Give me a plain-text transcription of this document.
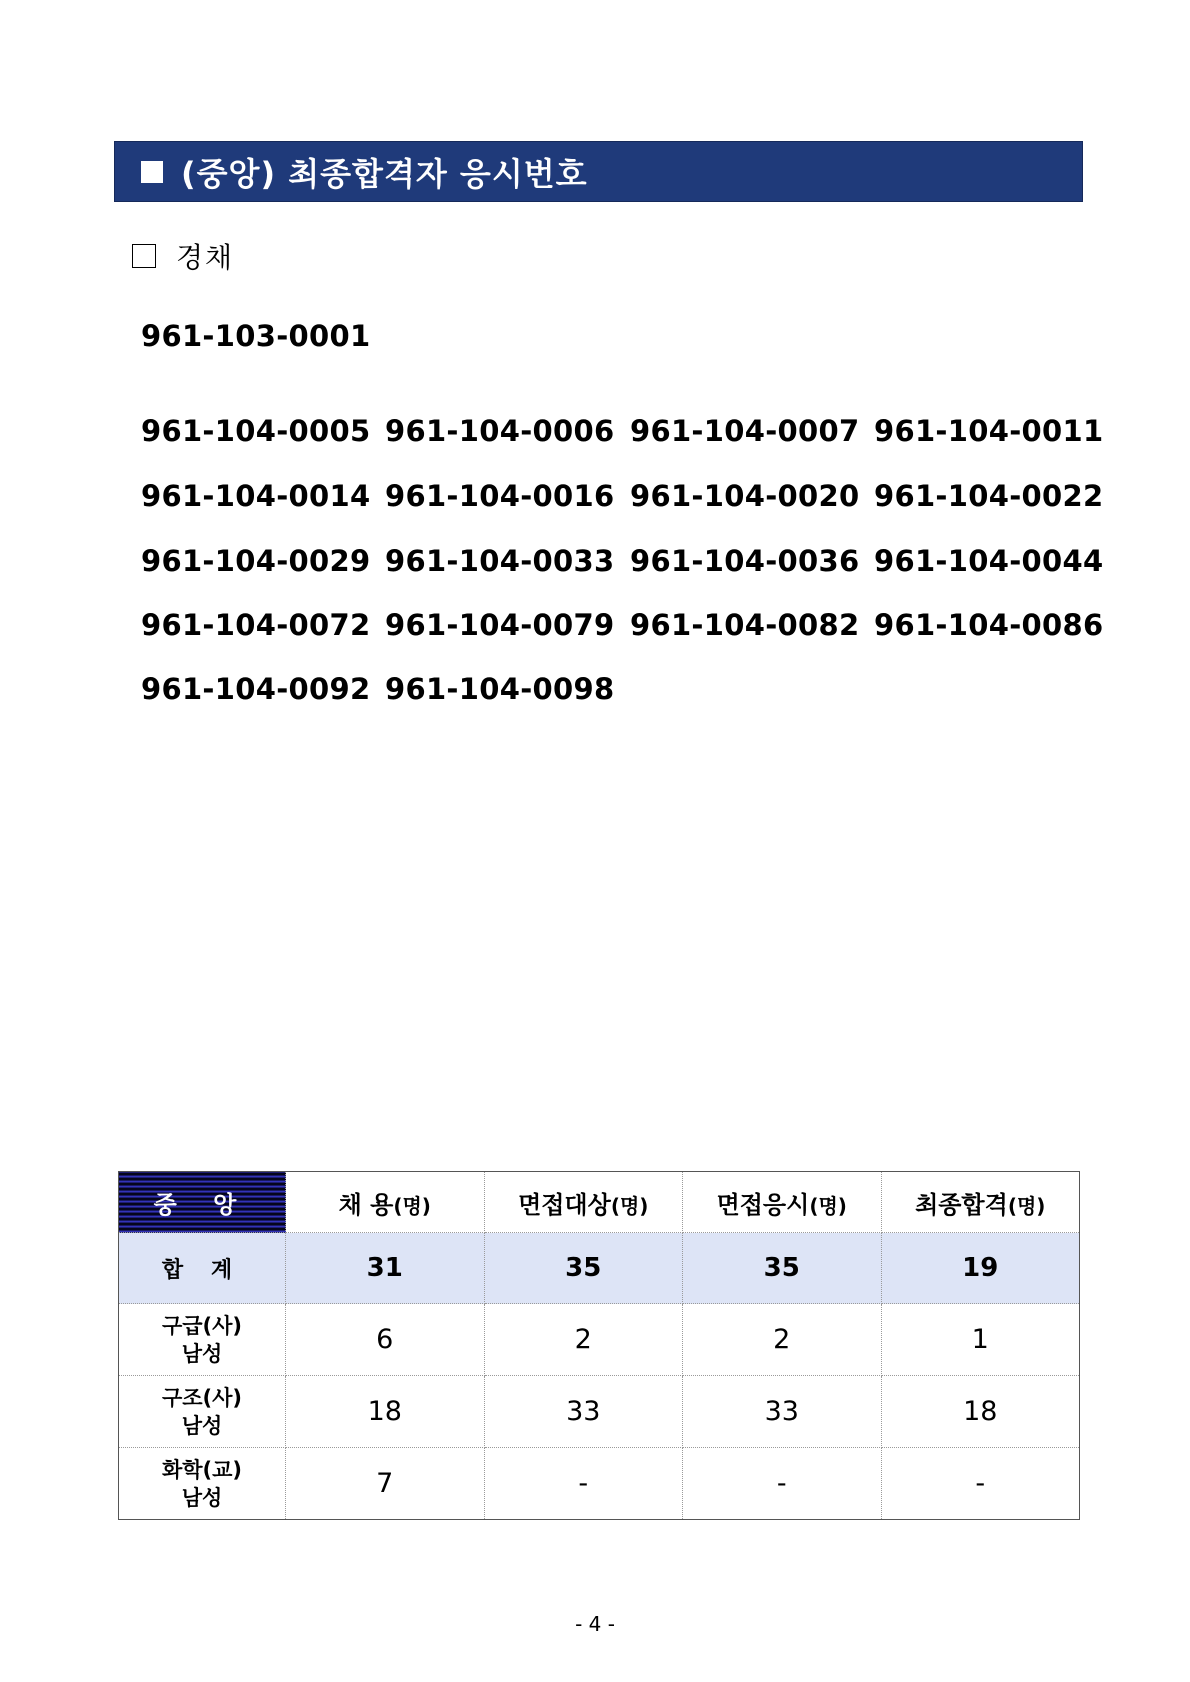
(중앙) 최종합격자 응시번호
경채
961-103-0001
961-104-0005 961-104-0006 961-104-0007 961-104-0011
961-104-0014 961-104-0016 961-104-0020 961-104-0022
961-104-0029 961-104-0033 961-104-0036 961-104-0044
961-104-0072 961-104-0079 961-104-0082 961-104-0086
961-104-0092 961-104-0098
중 앙	채 용(명)	면접대상(명)	면접응시(명)	최종합격(명)
합 계	31	35	35	19

구급(사)
남성	6	2	2	1

구조(사)
남성	18	33	33	18

화학(교)
남성	7	-	-	-
- 4 -
